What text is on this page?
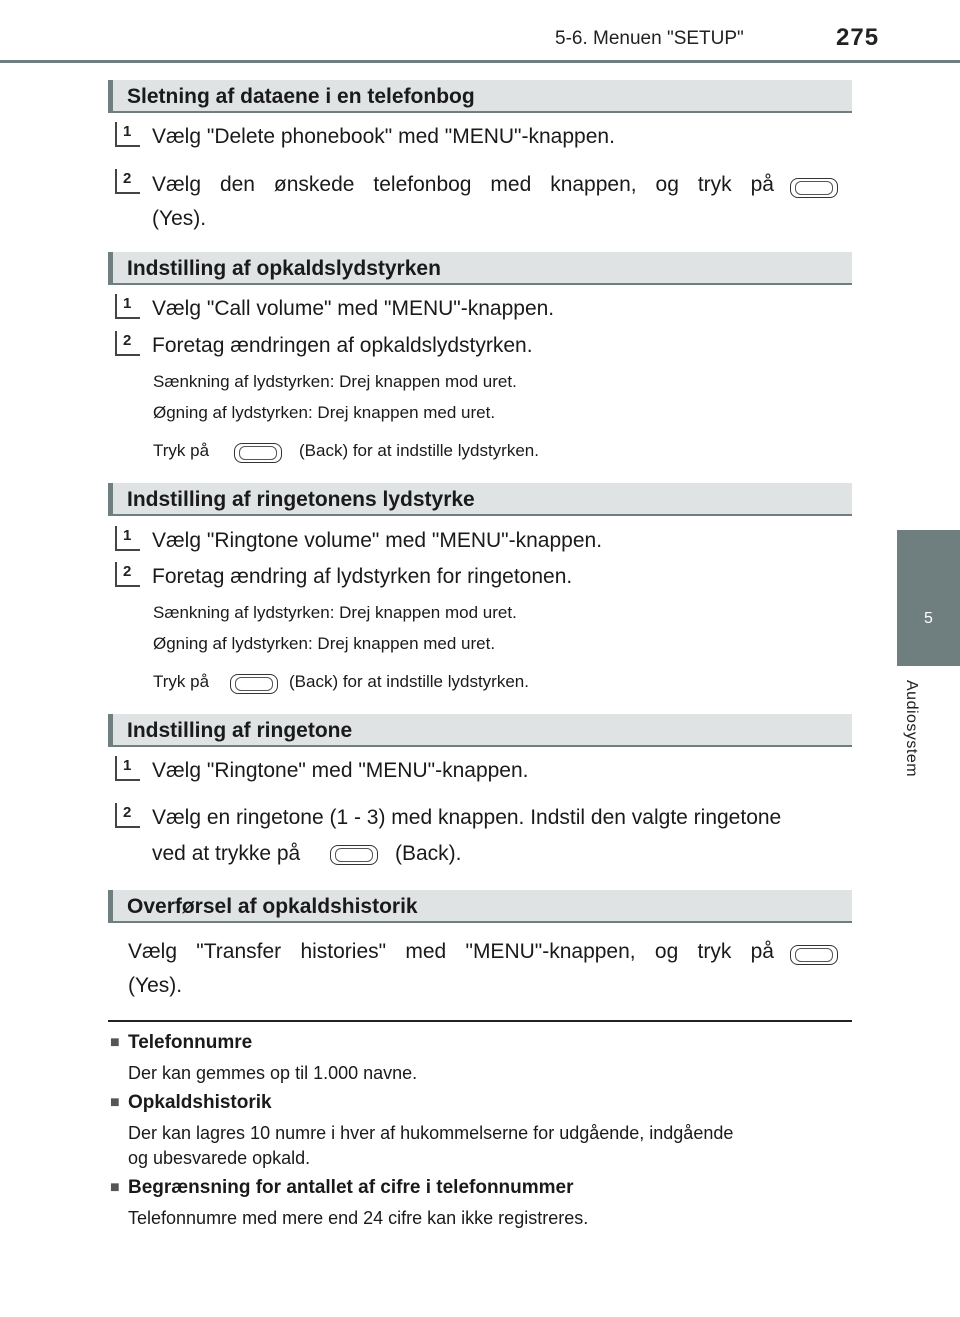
5-6. Menuen "SETUP"	275
5
Audiosystem
Sletning af dataene i en telefonbog
1 Vælg "Delete phonebook" med "MENU"-knappen.
2 Vælg den ønskede telefonbog med knappen, og tryk på
(Yes).
Indstilling af opkaldslydstyrken
1 Vælg "Call volume" med "MENU"-knappen.
2 Foretag ændringen af opkaldslydstyrken.
Sænkning af lydstyrken: Drej knappen mod uret.
Øgning af lydstyrken: Drej knappen med uret.
Tryk på	(Back) for at indstille lydstyrken.
Indstilling af ringetonens lydstyrke
1 Vælg "Ringtone volume" med "MENU"-knappen.
2 Foretag ændring af lydstyrken for ringetonen.
Sænkning af lydstyrken: Drej knappen mod uret.
Øgning af lydstyrken: Drej knappen med uret.
Tryk på	(Back) for at indstille lydstyrken.
Indstilling af ringetone
1 Vælg "Ringtone" med "MENU"-knappen.
2 Vælg en ringetone (1 - 3) med knappen. Indstil den valgte ringetone
ved at trykke på	(Back).
Overførsel af opkaldshistorik
Vælg "Transfer histories" med "MENU"-knappen, og tryk på
(Yes).
■ Telefonnumre
Der kan gemmes op til 1.000 navne.
■ Opkaldshistorik
Der kan lagres 10 numre i hver af hukommelserne for udgående, indgående
og ubesvarede opkald.
■ Begrænsning for antallet af cifre i telefonnummer
Telefonnumre med mere end 24 cifre kan ikke registreres.
